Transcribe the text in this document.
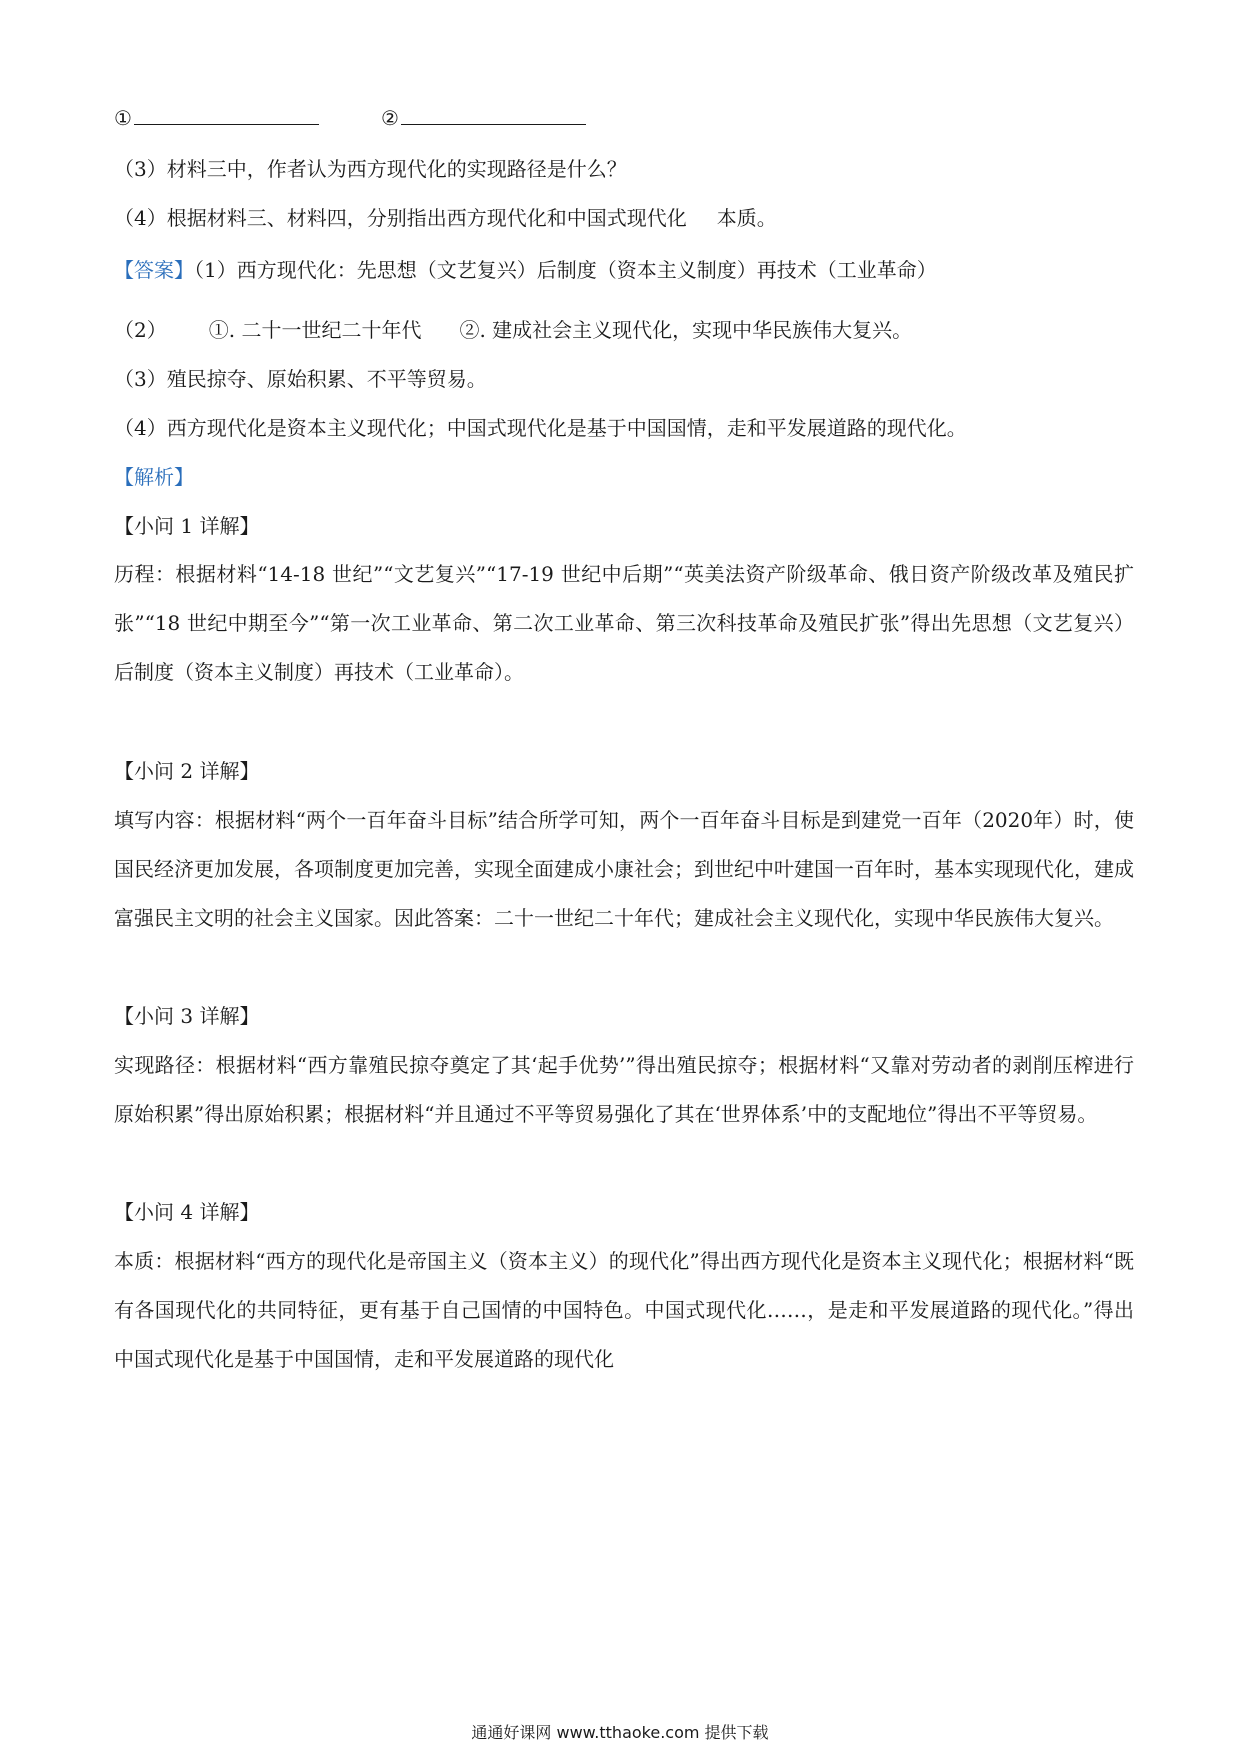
①	②
（3）材料三中，作者认为西方现代化的实现路径是什么？
（4）根据材料三、材料四，分别指出西方现代化和中国式现代化 本质。
【答案】（1）西方现代化：先思想（文艺复兴）后制度（资本主义制度）再技术（工业革命）
（2） ①. 二十一世纪二十年代 ②. 建成社会主义现代化，实现中华民族伟大复兴。
（3）殖民掠夺、原始积累、不平等贸易。
（4）西方现代化是资本主义现代化；中国式现代化是基于中国国情，走和平发展道路的现代化。
【解析】
【小问 1 详解】
历程：根据材料“14-18 世纪”“文艺复兴”“17-19 世纪中后期”“英美法资产阶级革命、俄日资产阶级改革及殖民扩张”“18 世纪中期至今”“第一次工业革命、第二次工业革命、第三次科技革命及殖民扩张”得出先思想（文艺复兴）后制度（资本主义制度）再技术（工业革命）。
【小问 2 详解】
填写内容：根据材料“两个一百年奋斗目标”结合所学可知，两个一百年奋斗目标是到建党一百年（2020年）时，使国民经济更加发展，各项制度更加完善，实现全面建成小康社会；到世纪中叶建国一百年时，基本实现现代化，建成富强民主文明的社会主义国家。因此答案：二十一世纪二十年代；建成社会主义现代化，实现中华民族伟大复兴。
【小问 3 详解】
实现路径：根据材料“西方靠殖民掠夺奠定了其‘起手优势’”得出殖民掠夺；根据材料“又靠对劳动者的剥削压榨进行原始积累”得出原始积累；根据材料“并且通过不平等贸易强化了其在‘世界体系’中的支配地位”得出不平等贸易。
【小问 4 详解】
本质：根据材料“西方的现代化是帝国主义（资本主义）的现代化”得出西方现代化是资本主义现代化；根据材料“既有各国现代化的共同特征，更有基于自己国情的中国特色。中国式现代化……，是走和平发展道路的现代化。”得出中国式现代化是基于中国国情，走和平发展道路的现代化
通通好课网 www.tthaoke.com 提供下载
